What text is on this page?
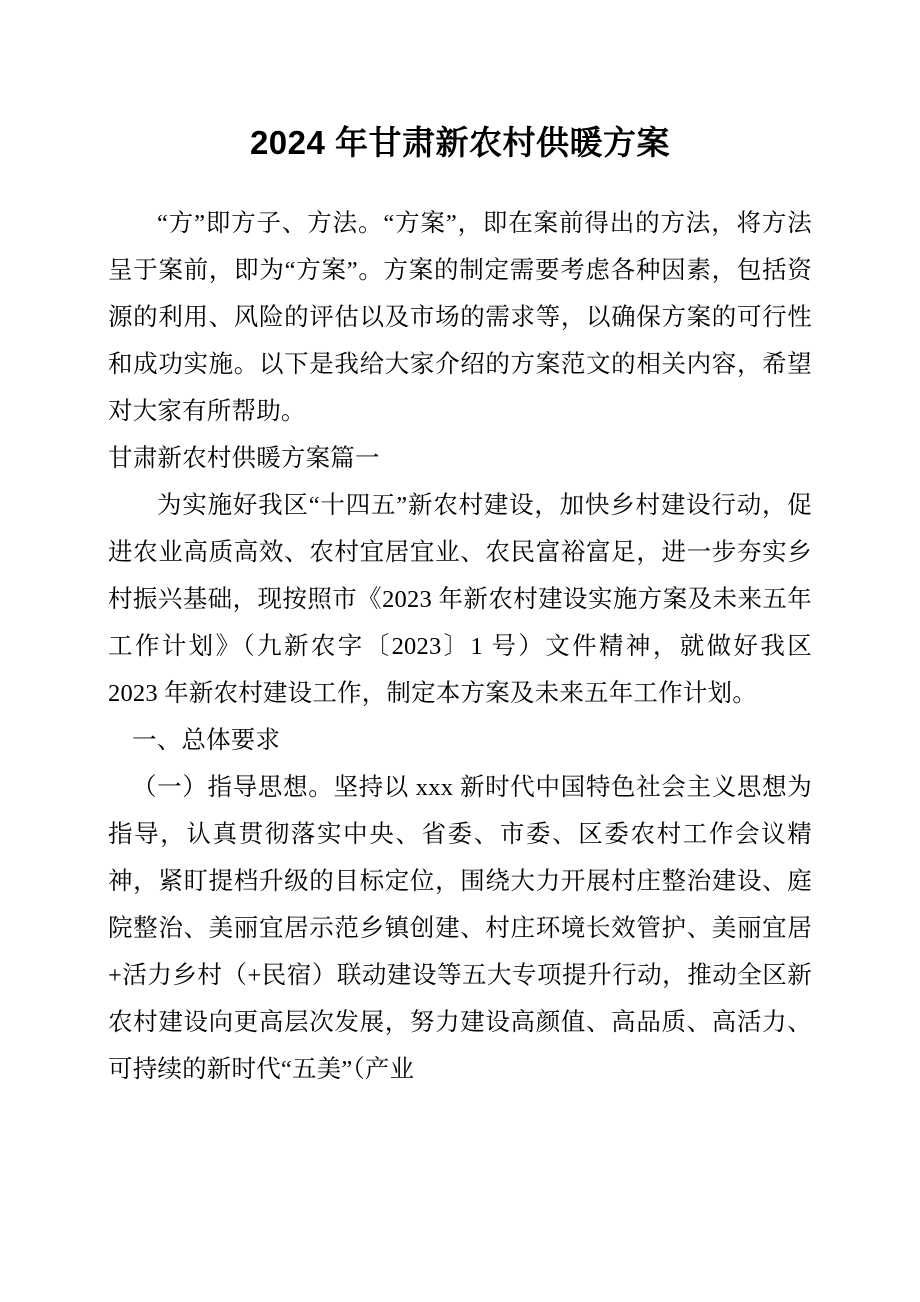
2024 年甘肃新农村供暖方案

“方”即方子、方法。“方案”，即在案前得出的方法，将方法呈于案前，即为“方案”。方案的制定需要考虑各种因素，包括资源的利用、风险的评估以及市场的需求等，以确保方案的可行性和成功实施。以下是我给大家介绍的方案范文的相关内容，希望对大家有所帮助。

甘肃新农村供暖方案篇一

为实施好我区“十四五”新农村建设，加快乡村建设行动，促进农业高质高效、农村宜居宜业、农民富裕富足，进一步夯实乡村振兴基础，现按照市《2023 年新农村建设实施方案及未来五年工作计划》（九新农字〔2023〕1 号）文件精神，就做好我区 2023 年新农村建设工作，制定本方案及未来五年工作计划。

一、总体要求

（一）指导思想。坚持以 xxx 新时代中国特色社会主义思想为指导，认真贯彻落实中央、省委、市委、区委农村工作会议精神，紧盯提档升级的目标定位，围绕大力开展村庄整治建设、庭院整治、美丽宜居示范乡镇创建、村庄环境长效管护、美丽宜居+活力乡村（+民宿）联动建设等五大专项提升行动，推动全区新农村建设向更高层次发展，努力建设高颜值、高品质、高活力、可持续的新时代“五美”（产业
